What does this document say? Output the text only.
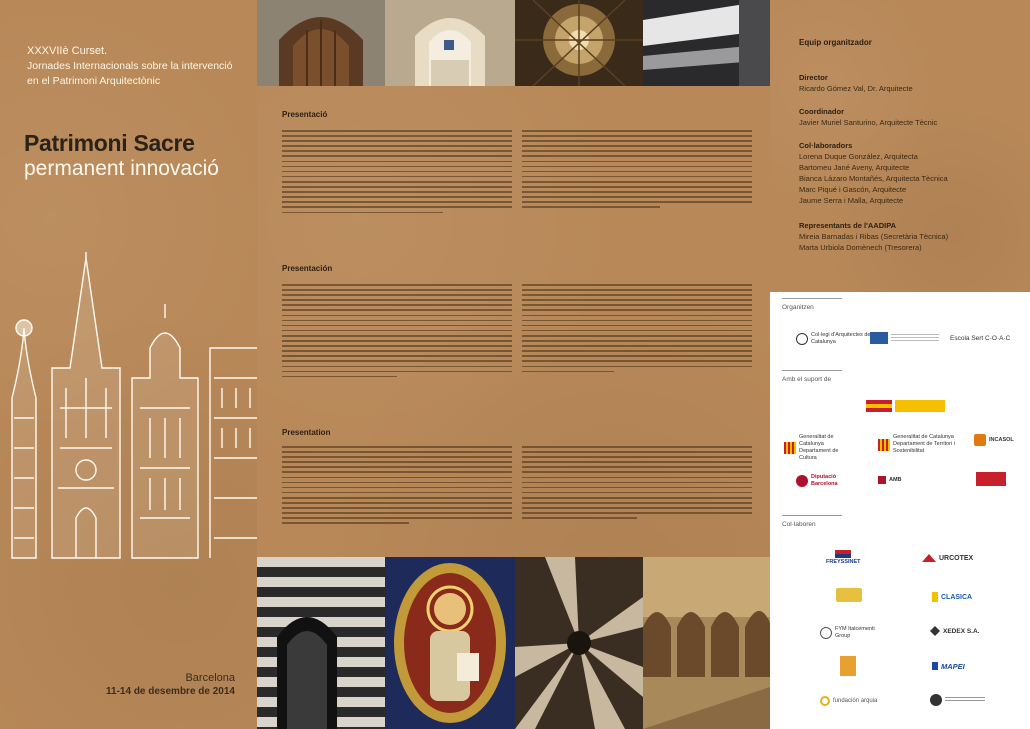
XXXVIIè Curset.
Jornades Internacionals sobre la intervenció
en el Patrimoni Arquitectònic
Patrimoni Sacre
permanent innovació
Barcelona
11-14 de desembre de 2014
Presentació
Presentación
Presentation
Equip organitzador
Director
Ricardo Gómez Val, Dr. Arquitecte
Coordinador
Javier Muriel Santurino, Arquitecte Tècnic
Col·laboradors
Lorena Duque González, Arquitecta
Bartomeu Jané Aveny, Arquitecte
Bianca Lázaro Montañés, Arquitecta Tècnica
Marc Piqué i Gascón, Arquitecte
Jaume Serra i Malla, Arquitecte
Representants de l'AADIPA
Mireia Barnadas i Ribas (Secretària Tècnica)
Marta Urbiola Domènech (Tresorera)
Organitzen
Col·legi d'Arquitectes de Catalunya	Escola Sert C·O·A·C
Amb el suport de
Generalitat de Catalunya Departament de Cultura
Generalitat de Catalunya Departament de Territori i Sostenibilitat
INCASOL
Diputació Barcelona
AMB
Col·laboren
FREYSSINET
URCOTEX
CLASICA
FYM Italcementi Group
XEDEX S.A.
MAPEI
fundación arquia
